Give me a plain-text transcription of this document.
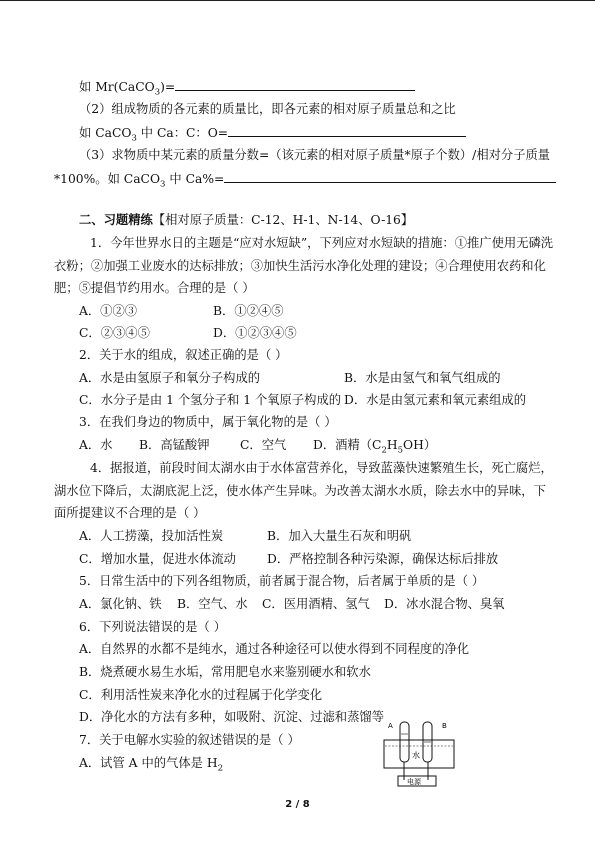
如 Mr(CaCO$_3$)=
（2）组成物质的各元素的质量比，即各元素的相对原子质量总和之比
如 CaCO$_3$ 中 Ca：C：O=
（3）求物质中某元素的质量分数=（该元素的相对原子质量*原子个数）/相对分子质量
*100%。如 CaCO$_3$ 中 Ca%=
二、习题精练【相对原子质量：C-12、H-1、N-14、O-16】
1．今年世界水日的主题是“应对水短缺”，下列应对水短缺的措施：①推广使用无磷洗
衣粉；②加强工业废水的达标排放；③加快生活污水净化处理的建设；④合理使用农药和化
肥；⑤提倡节约用水。合理的是（ ）
A．①②③	B．①②④⑤
C．②③④⑤	D．①②③④⑤
2．关于水的组成，叙述正确的是（ ）
A．水是由氢原子和氧分子构成的	B．水是由氢气和氧气组成的
C．水分子是由 1 个氢分子和 1 个氧原子构成的 D．水是由氢元素和氧元素组成的
3．在我们身边的物质中，属于氧化物的是（ ）
A．水 B．高锰酸钾 C．空气 D．酒精$(C_2H_5OH)$
4．据报道，前段时间太湖水由于水体富营养化，导致蓝藻快速繁殖生长，死亡腐烂，
湖水位下降后，太湖底泥上泛，使水体产生异味。为改善太湖水水质，除去水中的异味，下
面所提建议不合理的是（ ）
A．人工捞藻，投加活性炭	B．加入大量生石灰和明矾
C．增加水量，促进水体流动	D．严格控制各种污染源，确保达标后排放
5．日常生活中的下列各组物质，前者属于混合物，后者属于单质的是（ ）
A．氯化钠、铁 B．空气、水 C．医用酒精、氢气 D．冰水混合物、臭氧
6．下列说法错误的是（ ）
A．自然界的水都不是纯水，通过各种途径可以使水得到不同程度的净化
B．烧煮硬水易生水垢，常用肥皂水来鉴别硬水和软水
C．利用活性炭来净化水的过程属于化学变化
D．净化水的方法有多种，如吸附、沉淀、过滤和蒸馏等
7．关于电解水实验的叙述错误的是（ ）
A．试管 A 中的气体是 $H_2$
A	B
水
电源
2 / 8
